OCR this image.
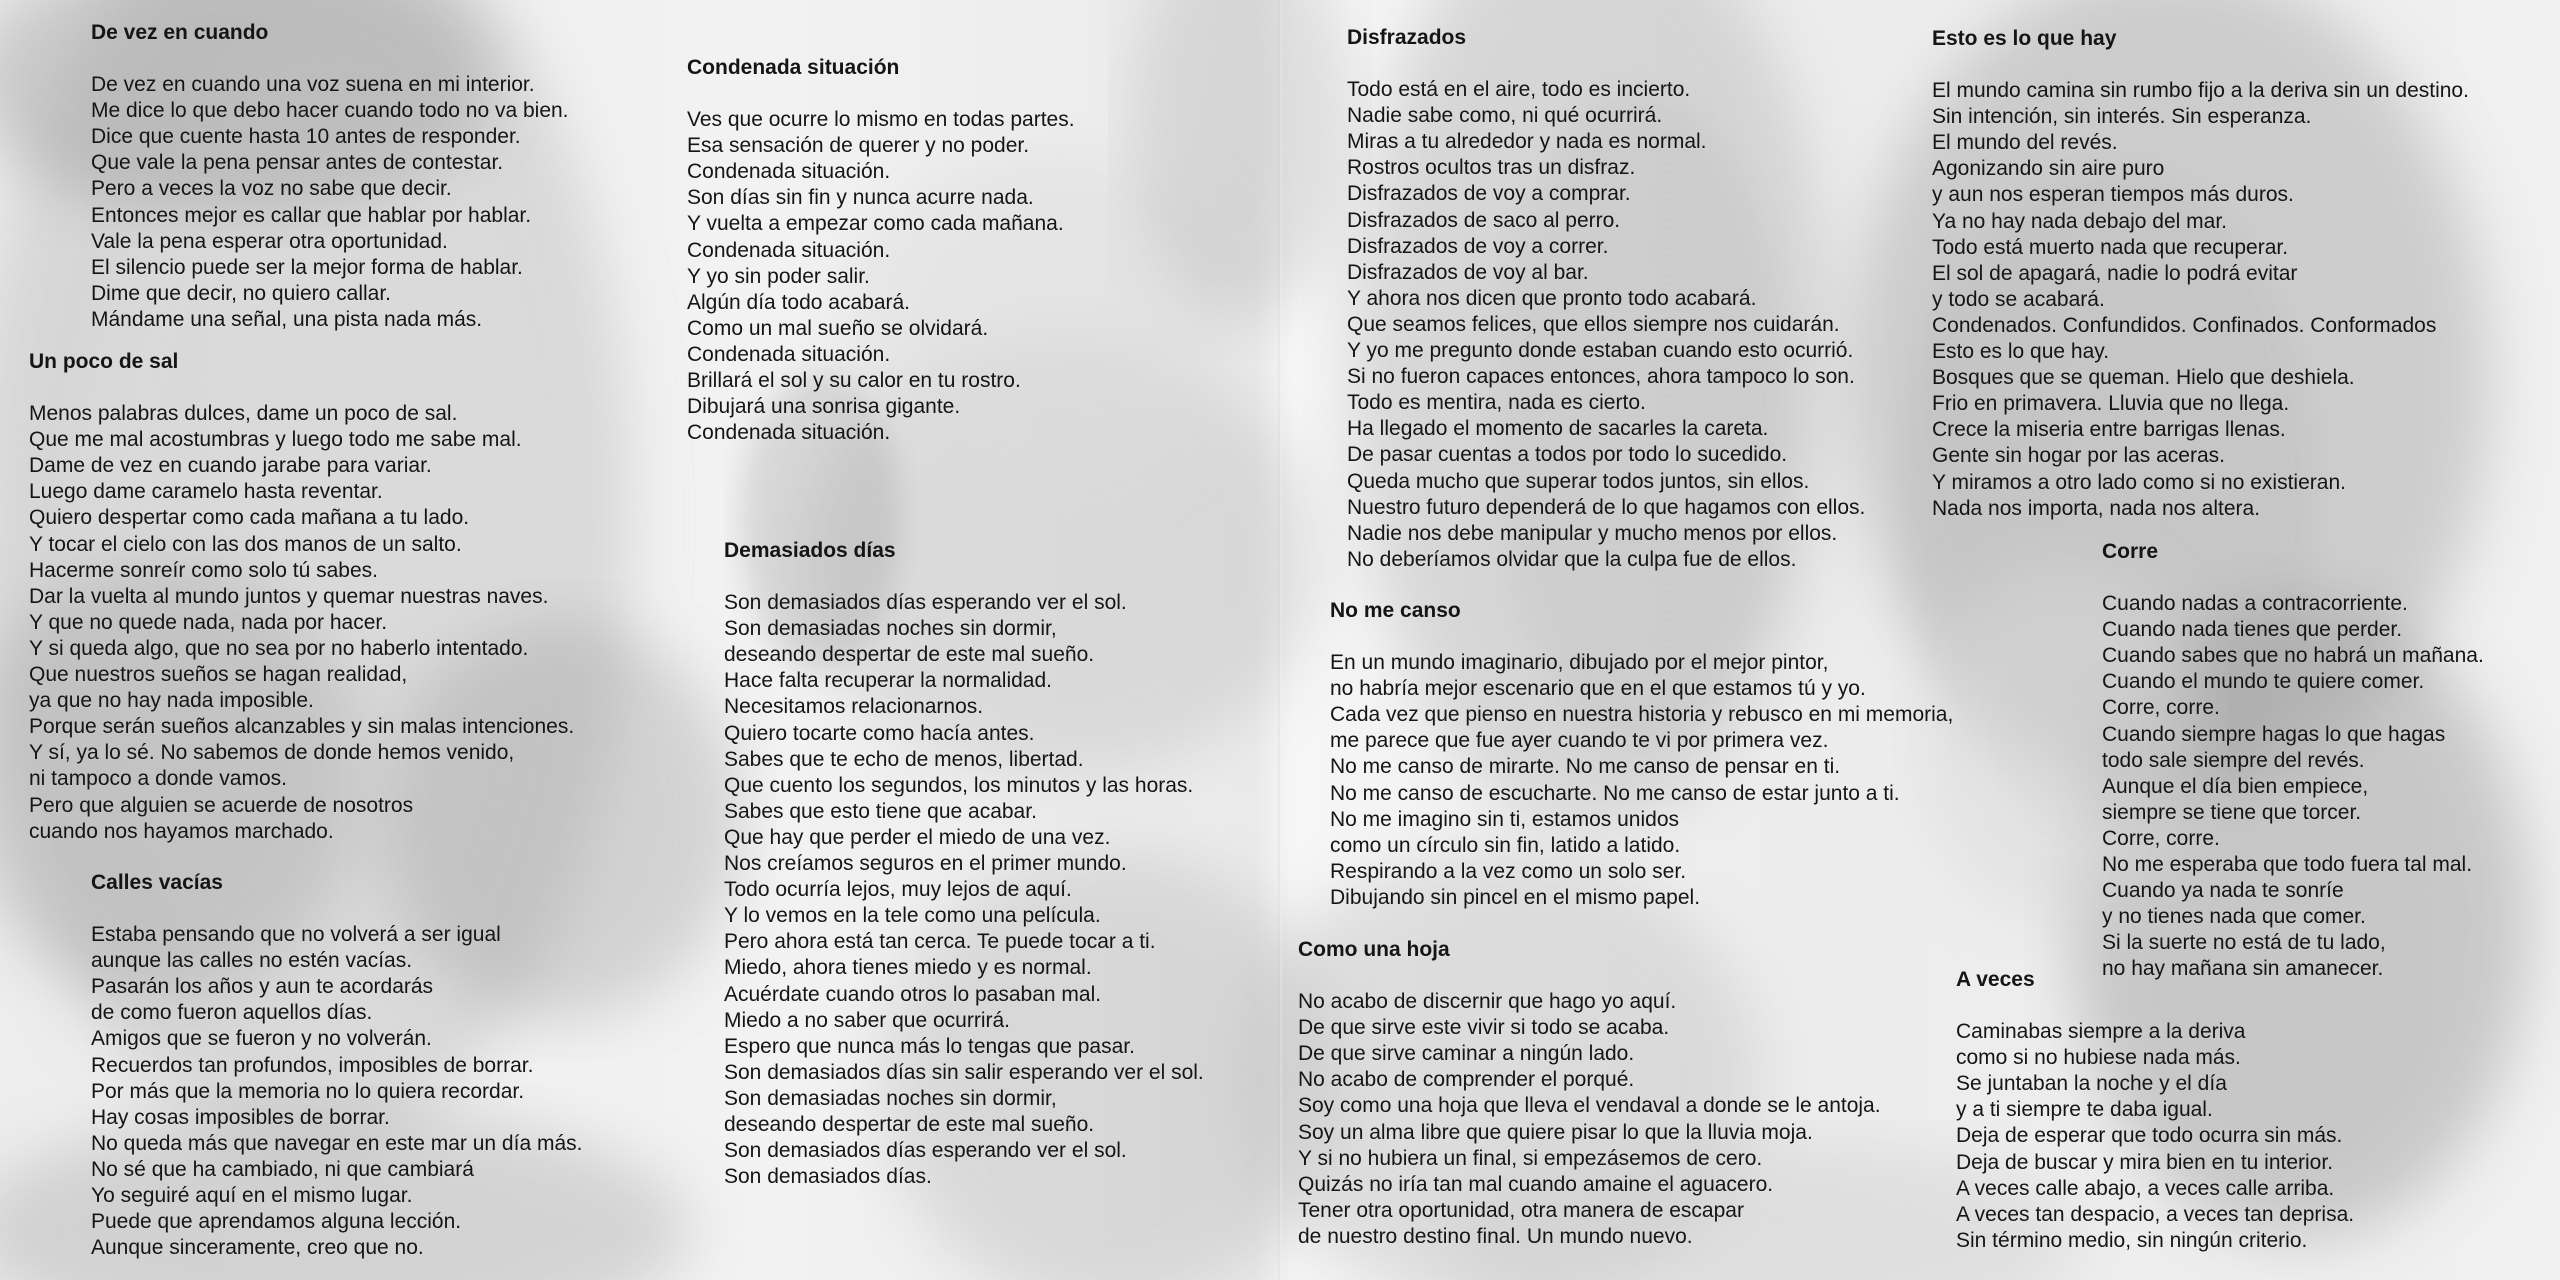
De vez en cuando
De vez en cuando una voz suena en mi interior.
Me dice lo que debo hacer cuando todo no va bien.
Dice que cuente hasta 10 antes de responder.
Que vale la pena pensar antes de contestar.
Pero a veces la voz no sabe que decir.
Entonces mejor es callar que hablar por hablar.
Vale la pena esperar otra oportunidad.
El silencio puede ser la mejor forma de hablar.
Dime que decir, no quiero callar.
Mándame una señal, una pista nada más.
Un poco de sal
Menos palabras dulces, dame un poco de sal.
Que me mal acostumbras y luego todo me sabe mal.
Dame de vez en cuando jarabe para variar.
Luego dame caramelo hasta reventar.
Quiero despertar como cada mañana a tu lado.
Y tocar el cielo con las dos manos de un salto.
Hacerme sonreír como solo tú sabes.
Dar la vuelta al mundo juntos y quemar nuestras naves.
Y que no quede nada, nada por hacer.
Y si queda algo, que no sea por no haberlo intentado.
Que nuestros sueños se hagan realidad,
ya que no hay nada imposible.
Porque serán sueños alcanzables y sin malas intenciones.
Y sí, ya lo sé. No sabemos de donde hemos venido,
ni tampoco a donde vamos.
Pero que alguien se acuerde de nosotros
cuando nos hayamos marchado.
Calles vacías
Estaba pensando que no volverá a ser igual
aunque las calles no estén vacías.
Pasarán los años y aun te acordarás
de como fueron aquellos días.
Amigos que se fueron y no volverán.
Recuerdos tan profundos, imposibles de borrar.
Por más que la memoria no lo quiera recordar.
Hay cosas imposibles de borrar.
No queda más que navegar en este mar un día más.
No sé que ha cambiado, ni que cambiará
Yo seguiré aquí en el mismo lugar.
Puede que aprendamos alguna lección.
Aunque sinceramente, creo que no.
Condenada situación
Ves que ocurre lo mismo en todas partes.
Esa sensación de querer y no poder.
Condenada situación.
Son días sin fin y nunca acurre nada.
Y vuelta a empezar como cada mañana.
Condenada situación.
Y yo sin poder salir.
Algún día todo acabará.
Como un mal sueño se olvidará.
Condenada situación.
Brillará el sol y su calor en tu rostro.
Dibujará una sonrisa gigante.
Condenada situación.
Demasiados días
Son demasiados días esperando ver el sol.
Son demasiadas noches sin dormir,
deseando despertar de este mal sueño.
Hace falta recuperar la normalidad.
Necesitamos relacionarnos.
Quiero tocarte como hacía antes.
Sabes que te echo de menos, libertad.
Que cuento los segundos, los minutos y las horas.
Sabes que esto tiene que acabar.
Que hay que perder el miedo de una vez.
Nos creíamos seguros en el primer mundo.
Todo ocurría lejos, muy lejos de aquí.
Y lo vemos en la tele como una película.
Pero ahora está tan cerca. Te puede tocar a ti.
Miedo, ahora tienes miedo y es normal.
Acuérdate cuando otros lo pasaban mal.
Miedo a no saber que ocurrirá.
Espero que nunca más lo tengas que pasar.
Son demasiados días sin salir esperando ver el sol.
Son demasiadas noches sin dormir,
deseando despertar de este mal sueño.
Son demasiados días esperando ver el sol.
Son demasiados días.
Disfrazados
Todo está en el aire, todo es incierto.
Nadie sabe como, ni qué ocurrirá.
Miras a tu alrededor y nada es normal.
Rostros ocultos tras un disfraz.
Disfrazados de voy a comprar.
Disfrazados de saco al perro.
Disfrazados de voy a correr.
Disfrazados de voy al bar.
Y ahora nos dicen que pronto todo acabará.
Que seamos felices, que ellos siempre nos cuidarán.
Y yo me pregunto donde estaban cuando esto ocurrió.
Si no fueron capaces entonces, ahora tampoco lo son.
Todo es mentira, nada es cierto.
Ha llegado el momento de sacarles la careta.
De pasar cuentas a todos por todo lo sucedido.
Queda mucho que superar todos juntos, sin ellos.
Nuestro futuro dependerá de lo que hagamos con ellos.
Nadie nos debe manipular y mucho menos por ellos.
No deberíamos olvidar que la culpa fue de ellos.
No me canso
En un mundo imaginario, dibujado por el mejor pintor,
no habría mejor escenario que en el que estamos tú y yo.
Cada vez que pienso en nuestra historia y rebusco en mi memoria,
me parece que fue ayer cuando te vi por primera vez.
No me canso de mirarte. No me canso de pensar en ti.
No me canso de escucharte. No me canso de estar junto a ti.
No me imagino sin ti, estamos unidos
como un círculo sin fin, latido a latido.
Respirando a la vez como un solo ser.
Dibujando sin pincel en el mismo papel.
Como una hoja
No acabo de discernir que hago yo aquí.
De que sirve este vivir si todo se acaba.
De que sirve caminar a ningún lado.
No acabo de comprender el porqué.
Soy como una hoja que lleva el vendaval a donde se le antoja.
Soy un alma libre que quiere pisar lo que la lluvia moja.
Y si no hubiera un final, si empezásemos de cero.
Quizás no iría tan mal cuando amaine el aguacero.
Tener otra oportunidad, otra manera de escapar
de nuestro destino final. Un mundo nuevo.
Esto es lo que hay
El mundo camina sin rumbo fijo a la deriva sin un destino.
Sin intención, sin interés. Sin esperanza.
El mundo del revés.
Agonizando sin aire puro
y aun nos esperan tiempos más duros.
Ya no hay nada debajo del mar.
Todo está muerto nada que recuperar.
El sol de apagará, nadie lo podrá evitar
y todo se acabará.
Condenados. Confundidos. Confinados. Conformados
Esto es lo que hay.
Bosques que se queman. Hielo que deshiela.
Frio en primavera. Lluvia que no llega.
Crece la miseria entre barrigas llenas.
Gente sin hogar por las aceras.
Y miramos a otro lado como si no existieran.
Nada nos importa, nada nos altera.
Corre
Cuando nadas a contracorriente.
Cuando nada tienes que perder.
Cuando sabes que no habrá un mañana.
Cuando el mundo te quiere comer.
Corre, corre.
Cuando siempre hagas lo que hagas
todo sale siempre del revés.
Aunque el día bien empiece,
siempre se tiene que torcer.
Corre, corre.
No me esperaba que todo fuera tal mal.
Cuando ya nada te sonríe
y no tienes nada que comer.
Si la suerte no está de tu lado,
no hay mañana sin amanecer.
A veces
Caminabas siempre a la deriva
como si no hubiese nada más.
Se juntaban la noche y el día
y a ti siempre te daba igual.
Deja de esperar que todo ocurra sin más.
Deja de buscar y mira bien en tu interior.
A veces calle abajo, a veces calle arriba.
A veces tan despacio, a veces tan deprisa.
Sin término medio, sin ningún criterio.
